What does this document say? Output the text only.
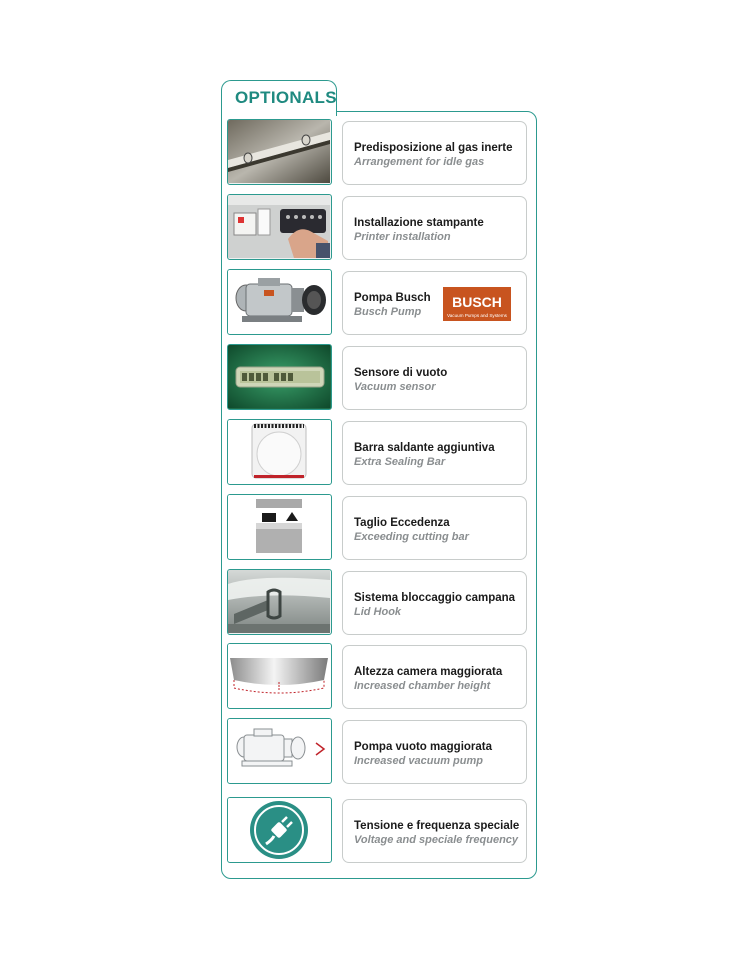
OPTIONALS
Predisposizione al gas inerte
Arrangement for idle gas
Installazione stampante
Printer installation
Pompa Busch
Busch Pump
BUSCH
Vacuum Pumps and Systems
Sensore di vuoto
Vacuum sensor
Barra saldante aggiuntiva
Extra Sealing Bar
Taglio Eccedenza
Exceeding cutting bar
Sistema bloccaggio campana
Lid Hook
Altezza camera maggiorata
Increased chamber height
Pompa vuoto maggiorata
Increased vacuum pump
Tensione e frequenza speciale
Voltage and speciale frequency
